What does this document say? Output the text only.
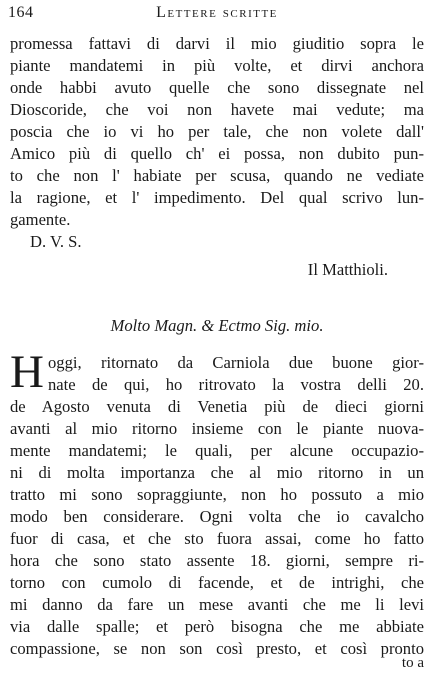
164	Lettere scritte
promessa fattavi di darvi il mio giuditio sopra le
piante mandatemi in più volte, et dirvi anchora
onde habbi avuto quelle che sono dissegnate nel
Dioscoride, che voi non havete mai vedute; ma
poscia che io vi ho per tale, che non volete dall'
Amico più di quello ch' ei possa, non dubito pun-
to che non l' habiate per scusa, quando ne vediate
la ragione, et l' impedimento. Del qual scrivo lun-
gamente.
D. V. S.
Il Matthioli.
Molto Magn. & Ectmo Sig. mio.
H oggi, ritornato da Carniola due buone gior-
nate de qui, ho ritrovato la vostra delli 20.
de Agosto venuta di Venetia più de dieci giorni
avanti al mio ritorno insieme con le piante nuova-
mente mandatemi; le quali, per alcune occupazio-
ni di molta importanza che al mio ritorno in un
tratto mi sono sopraggiunte, non ho possuto a mio
modo ben considerare. Ogni volta che io cavalcho
fuor di casa, et che sto fuora assai, come ho fatto
hora che sono stato assente 18. giorni, sempre ri-
torno con cumolo di facende, et de intrighi, che
mi danno da fare un mese avanti che me li levi
via dalle spalle; et però bisogna che me abbiate
compassione, se non son così presto, et così pronto
to a
